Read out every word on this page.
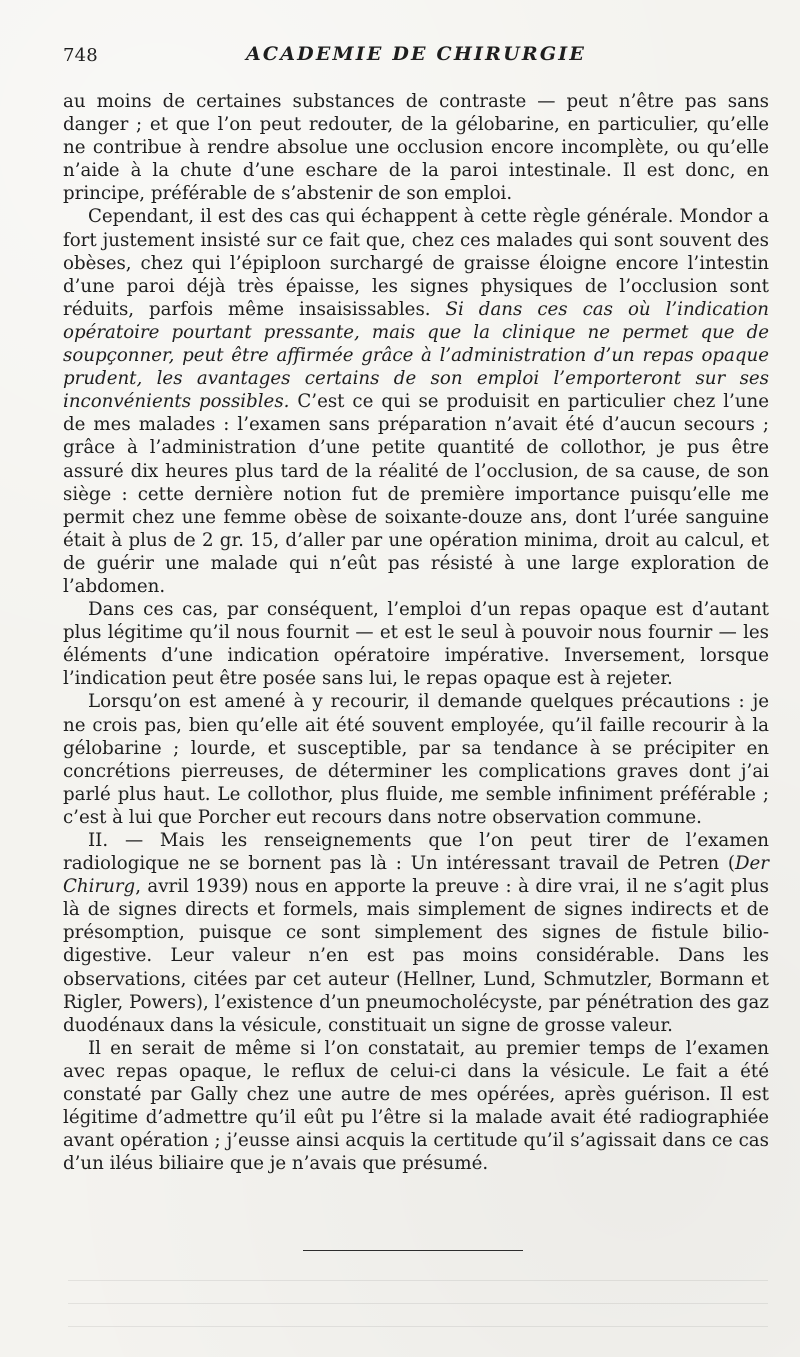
748	ACADEMIE DE CHIRURGIE

au moins de certaines substances de contraste — peut n’être pas sans danger ; et que l’on peut redouter, de la gélobarine, en particulier, qu’elle ne contribue à rendre absolue une occlusion encore incomplète, ou qu’elle n’aide à la chute d’une eschare de la paroi intestinale. Il est donc, en principe, préférable de s’abstenir de son emploi.

Cependant, il est des cas qui échappent à cette règle générale. Mondor a fort justement insisté sur ce fait que, chez ces malades qui sont souvent des obèses, chez qui l’épiploon surchargé de graisse éloigne encore l’intestin d’une paroi déjà très épaisse, les signes physiques de l’occlusion sont réduits, parfois même insaisissables. Si dans ces cas où l’indication opératoire pourtant pressante, mais que la clinique ne permet que de soupçonner, peut être affirmée grâce à l’administration d’un repas opaque prudent, les avantages certains de son emploi l’emporteront sur ses inconvénients possibles. C’est ce qui se produisit en particulier chez l’une de mes malades : l’examen sans préparation n’avait été d’aucun secours ; grâce à l’administration d’une petite quantité de collothor, je pus être assuré dix heures plus tard de la réalité de l’occlusion, de sa cause, de son siège : cette dernière notion fut de première importance puisqu’elle me permit chez une femme obèse de soixante-douze ans, dont l’urée sanguine était à plus de 2 gr. 15, d’aller par une opération minima, droit au calcul, et de guérir une malade qui n’eût pas résisté à une large exploration de l’abdomen.

Dans ces cas, par conséquent, l’emploi d’un repas opaque est d’autant plus légitime qu’il nous fournit — et est le seul à pouvoir nous fournir — les éléments d’une indication opératoire impérative. Inversement, lorsque l’indication peut être posée sans lui, le repas opaque est à rejeter.

Lorsqu’on est amené à y recourir, il demande quelques précautions : je ne crois pas, bien qu’elle ait été souvent employée, qu’il faille recourir à la gélobarine ; lourde, et susceptible, par sa tendance à se précipiter en concrétions pierreuses, de déterminer les complications graves dont j’ai parlé plus haut. Le collothor, plus fluide, me semble infiniment préférable ; c’est à lui que Porcher eut recours dans notre observation commune.

II. — Mais les renseignements que l’on peut tirer de l’examen radiologique ne se bornent pas là : Un intéressant travail de Petren (Der Chirurg, avril 1939) nous en apporte la preuve : à dire vrai, il ne s’agit plus là de signes directs et formels, mais simplement de signes indirects et de présomption, puisque ce sont simplement des signes de fistule bilio-digestive. Leur valeur n’en est pas moins considérable. Dans les observations, citées par cet auteur (Hellner, Lund, Schmutzler, Bormann et Rigler, Powers), l’existence d’un pneumocholécyste, par pénétration des gaz duodénaux dans la vésicule, constituait un signe de grosse valeur.

Il en serait de même si l’on constatait, au premier temps de l’examen avec repas opaque, le reflux de celui-ci dans la vésicule. Le fait a été constaté par Gally chez une autre de mes opérées, après guérison. Il est légitime d’admettre qu’il eût pu l’être si la malade avait été radiographiée avant opération ; j’eusse ainsi acquis la certitude qu’il s’agissait dans ce cas d’un iléus biliaire que je n’avais que présumé.
